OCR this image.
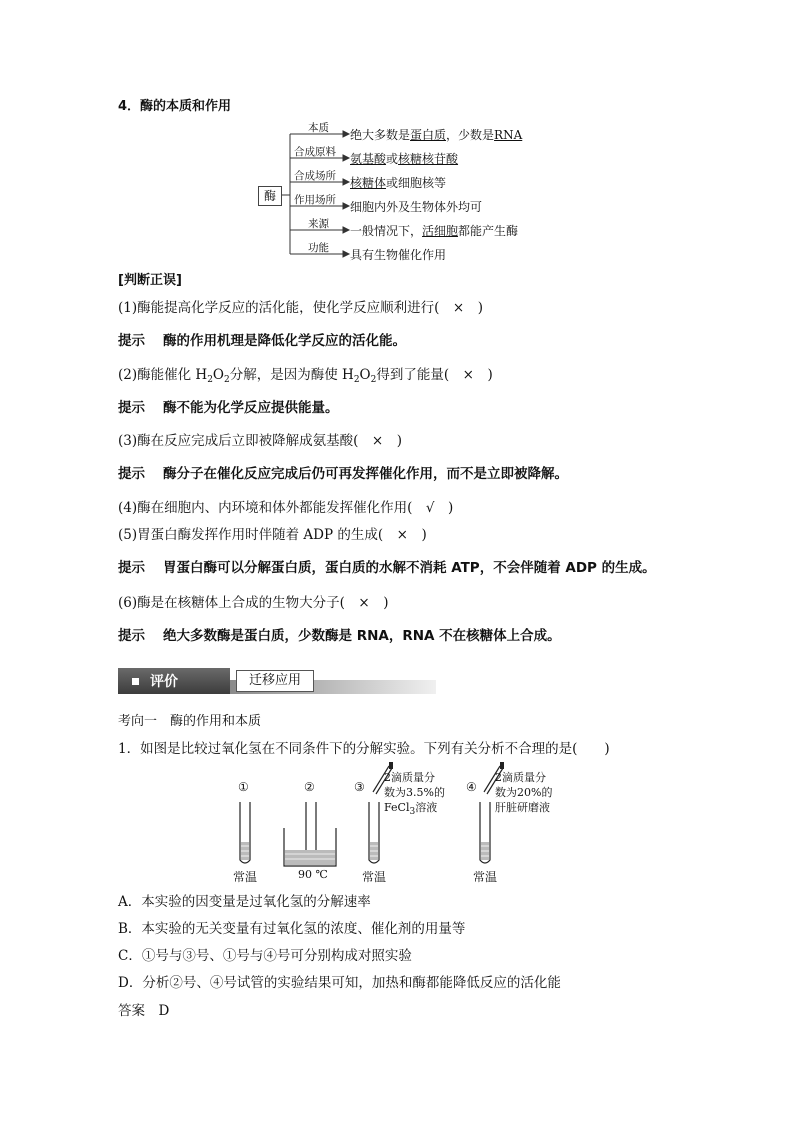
4．酶的本质和作用
酶
本质 绝大多数是蛋白质，少数是RNA
合成原料 氨基酸或核糖核苷酸
合成场所 核糖体或细胞核等
作用场所 细胞内外及生物体外均可
来源 一般情况下，活细胞都能产生酶
功能 具有生物催化作用
[判断正误]
(1)酶能提高化学反应的活化能，使化学反应顺利进行(　×　)
提示 酶的作用机理是降低化学反应的活化能。
(2)酶能催化 $H_2O_2$分解，是因为酶使 $H_2O_2$得到了能量(　×　)
提示 酶不能为化学反应提供能量。
(3)酶在反应完成后立即被降解成氨基酸(　×　)
提示 酶分子在催化反应完成后仍可再发挥催化作用，而不是立即被降解。
(4)酶在细胞内、内环境和体外都能发挥催化作用(　√　)
(5)胃蛋白酶发挥作用时伴随着 ADP 的生成(　×　)
提示 胃蛋白酶可以分解蛋白质，蛋白质的水解不消耗 ATP，不会伴随着 ADP 的生成。
(6)酶是在核糖体上合成的生物大分子(　×　)
提示 绝大多数酶是蛋白质，少数酶是 RNA，RNA 不在核糖体上合成。
评价	迁移应用
考向一　酶的作用和本质
1．如图是比较过氧化氢在不同条件下的分解实验。下列有关分析不合理的是(　　)
①	②	③	④
2滴质量分
数为3.5%的
FeCl$_3$溶液
2滴质量分
数为20%的
肝脏研磨液
常温	90 ℃	常温	常温
A．本实验的因变量是过氧化氢的分解速率
B．本实验的无关变量有过氧化氢的浓度、催化剂的用量等
C．①号与③号、①号与④号可分别构成对照实验
D．分析②号、④号试管的实验结果可知，加热和酶都能降低反应的活化能
答案　D
